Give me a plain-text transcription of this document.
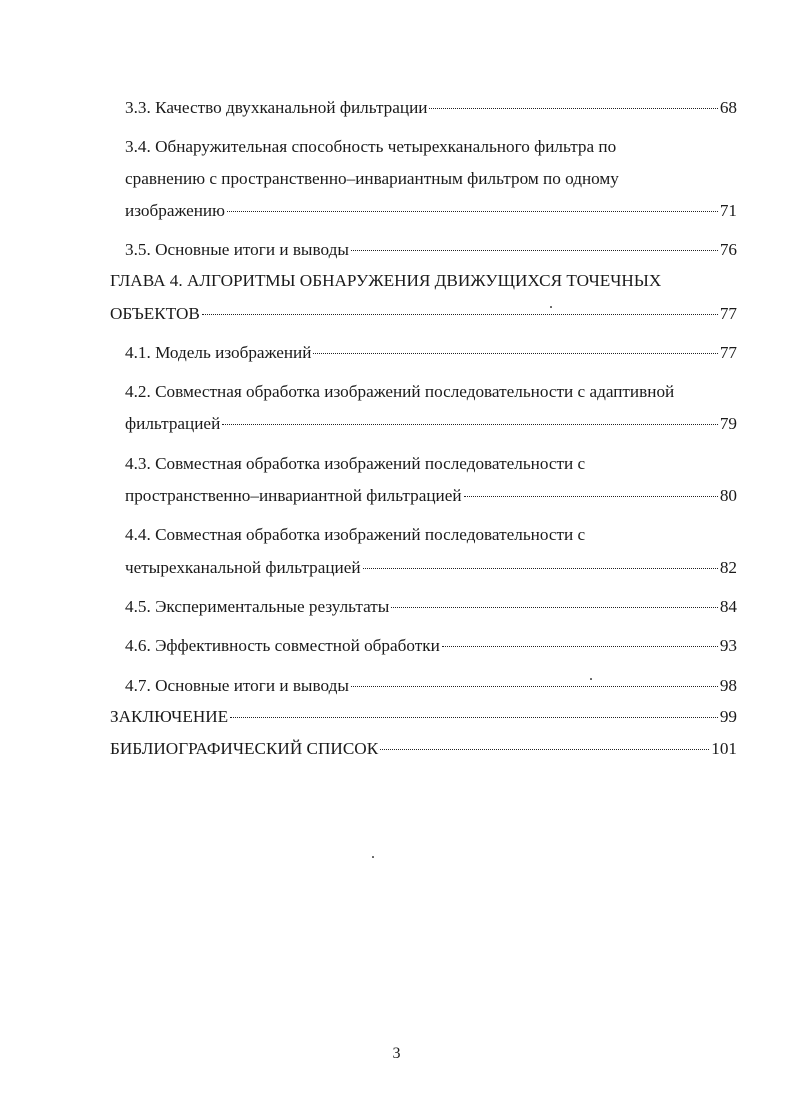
3.3. Качество двухканальной фильтрации	68
3.4. Обнаружительная способность четырехканального фильтра по
сравнению с пространственно–инвариантным фильтром по одному
изображению	71
3.5. Основные итоги и выводы	76
ГЛАВА 4. АЛГОРИТМЫ ОБНАРУЖЕНИЯ ДВИЖУЩИХСЯ ТОЧЕЧНЫХ
ОБЪЕКТОВ	77
4.1. Модель изображений	77
4.2. Совместная обработка изображений последовательности с адаптивной
фильтрацией	79
4.3. Совместная обработка изображений последовательности с
пространственно–инвариантной фильтрацией	80
4.4. Совместная обработка изображений последовательности с
четырехканальной фильтрацией	82
4.5. Экспериментальные результаты	84
4.6. Эффективность совместной обработки	93
4.7. Основные итоги и выводы	98
ЗАКЛЮЧЕНИЕ	99
БИБЛИОГРАФИЧЕСКИЙ СПИСОК	101
3
